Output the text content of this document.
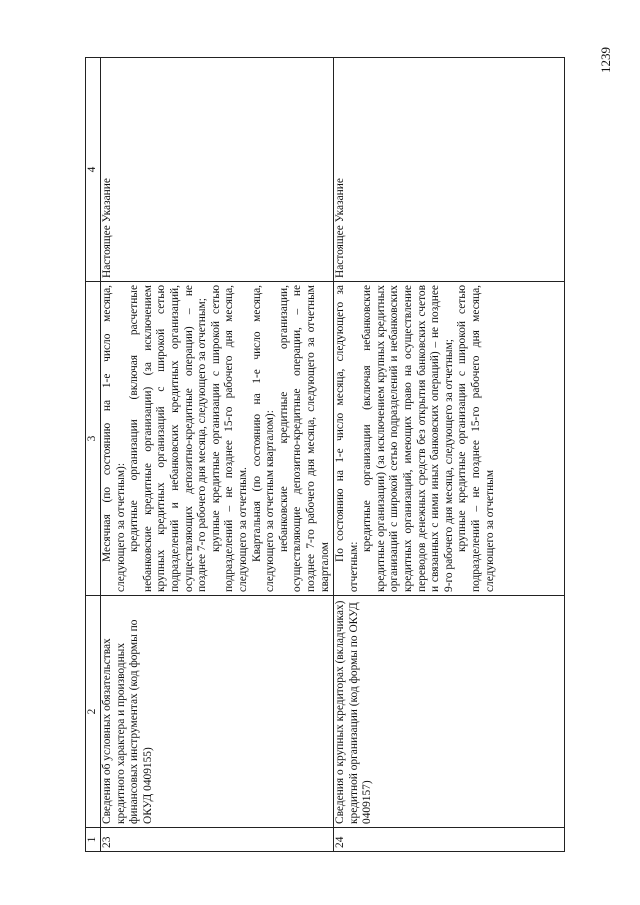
1239
1	2	3	4
23	Сведения об условных обязательствах кредитного характера и производных финансовых инструментах (код формы по ОКУД 0409155)	Месячная (по состоянию на 1-е число месяца, следующего за отчетным): кредитные организации (включая расчетные небанковские кредитные организации) (за исключением крупных кредитных организаций с широкой сетью подразделений и небанковских кредитных организаций, осуществляющих депозитно-кредитные операции) – не позднее 7-го рабочего дня месяца, следующего за отчетным; крупные кредитные организации с широкой сетью подразделений – не позднее 15-го рабочего дня месяца, следующего за отчетным. Квартальная (по состоянию на 1-е число месяца, следующего за отчетным кварталом): небанковские кредитные организации, осуществляющие депозитно-кредитные операции, – не позднее 7-го рабочего дня месяца, следующего за отчетным кварталом	Настоящее Указание
24	Сведения о крупных кредиторах (вкладчиках) кредитной организации (код формы по ОКУД 0409157)	По состоянию на 1-е число месяца, следующего за отчетным:

кредитные организации (включая небанковские кредитные организации) (за исключением крупных кредитных организаций с широкой сетью подразделений и небанковских кредитных организаций, имеющих право на осуществление переводов денежных средств без открытия банковских счетов и связанных с ними иных банковских операций) – не позднее 9-го рабочего дня месяца, следующего за отчетным; крупные кредитные организации с широкой сетью подразделений – не позднее 15-го рабочего дня месяца, следующего за отчетным	Настоящее Указание
